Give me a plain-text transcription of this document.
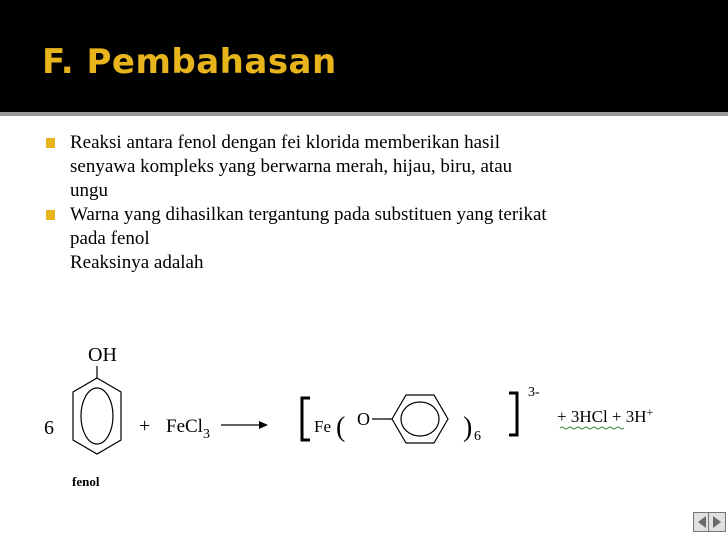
F. Pembahasan
Reaksi antara fenol dengan fei klorida memberikan hasil
senyawa kompleks yang berwarna merah, hijau, biru, atau
ungu
Warna yang dihasilkan tergantung pada substituen yang terikat
pada fenol
Reaksinya adalah
OH
6	+ FeCl$_3$	Fe ( O	) 6
3-
+ 3HCl + 3H+
fenol
